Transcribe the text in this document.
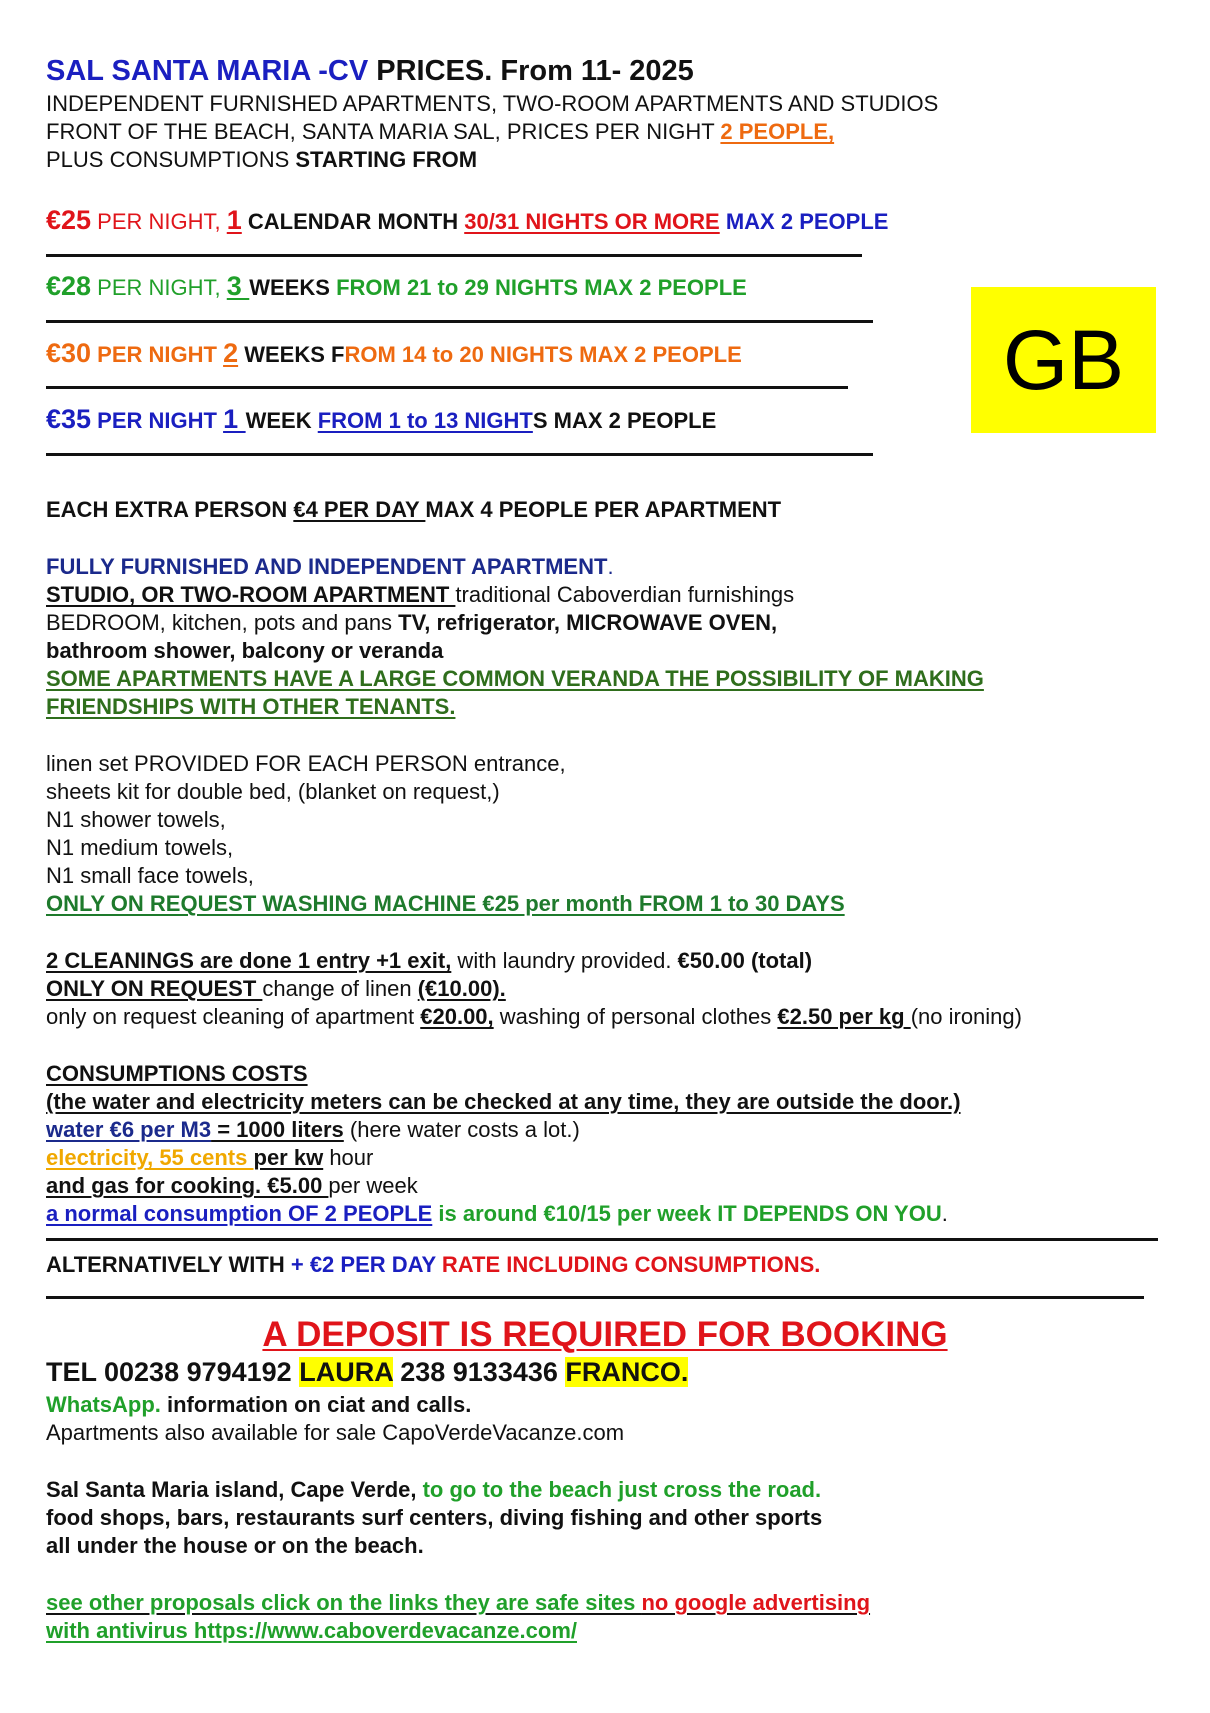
SAL SANTA MARIA -CV PRICES. From 11- 2025
INDEPENDENT FURNISHED APARTMENTS, TWO-ROOM APARTMENTS AND STUDIOS
FRONT OF THE BEACH, SANTA MARIA SAL, PRICES PER NIGHT 2 PEOPLE,
PLUS CONSUMPTIONS STARTING FROM
€25 PER NIGHT, 1 CALENDAR MONTH 30/31 NIGHTS OR MORE MAX 2 PEOPLE
€28 PER NIGHT, 3 WEEKS FROM 21 to 29 NIGHTS MAX 2 PEOPLE
€30 PER NIGHT 2 WEEKS FROM 14 to 20 NIGHTS MAX 2 PEOPLE
€35 PER NIGHT 1 WEEK FROM 1 to 13 NIGHTS MAX 2 PEOPLE
GB
EACH EXTRA PERSON €4 PER DAY MAX 4 PEOPLE PER APARTMENT
FULLY FURNISHED AND INDEPENDENT APARTMENT.
STUDIO, OR TWO-ROOM APARTMENT traditional Caboverdian furnishings
BEDROOM, kitchen, pots and pans TV, refrigerator, MICROWAVE OVEN,
bathroom shower, balcony or veranda
SOME APARTMENTS HAVE A LARGE COMMON VERANDA THE POSSIBILITY OF MAKING
FRIENDSHIPS WITH OTHER TENANTS.
linen set PROVIDED FOR EACH PERSON entrance,
sheets kit for double bed, (blanket on request,)
N1 shower towels,
N1 medium towels,
N1 small face towels,
ONLY ON REQUEST WASHING MACHINE €25 per month FROM 1 to 30 DAYS
2 CLEANINGS are done 1 entry +1 exit, with laundry provided. €50.00 (total)
ONLY ON REQUEST change of linen (€10.00).
only on request cleaning of apartment €20.00, washing of personal clothes €2.50 per kg (no ironing)
CONSUMPTIONS COSTS
(the water and electricity meters can be checked at any time, they are outside the door.)
water €6 per M3 = 1000 liters (here water costs a lot.)
electricity, 55 cents per kw hour
and gas for cooking. €5.00 per week
a normal consumption OF 2 PEOPLE is around €10/15 per week IT DEPENDS ON YOU.
ALTERNATIVELY WITH + €2 PER DAY RATE INCLUDING CONSUMPTIONS.
A DEPOSIT IS REQUIRED FOR BOOKING
TEL 00238 9794192 LAURA 238 9133436 FRANCO.
WhatsApp. information on ciat and calls.
Apartments also available for sale CapoVerdeVacanze.com
Sal Santa Maria island, Cape Verde, to go to the beach just cross the road.
food shops, bars, restaurants surf centers, diving fishing and other sports
all under the house or on the beach.
see other proposals click on the links they are safe sites no google advertising
with antivirus https://www.caboverdevacanze.com/
